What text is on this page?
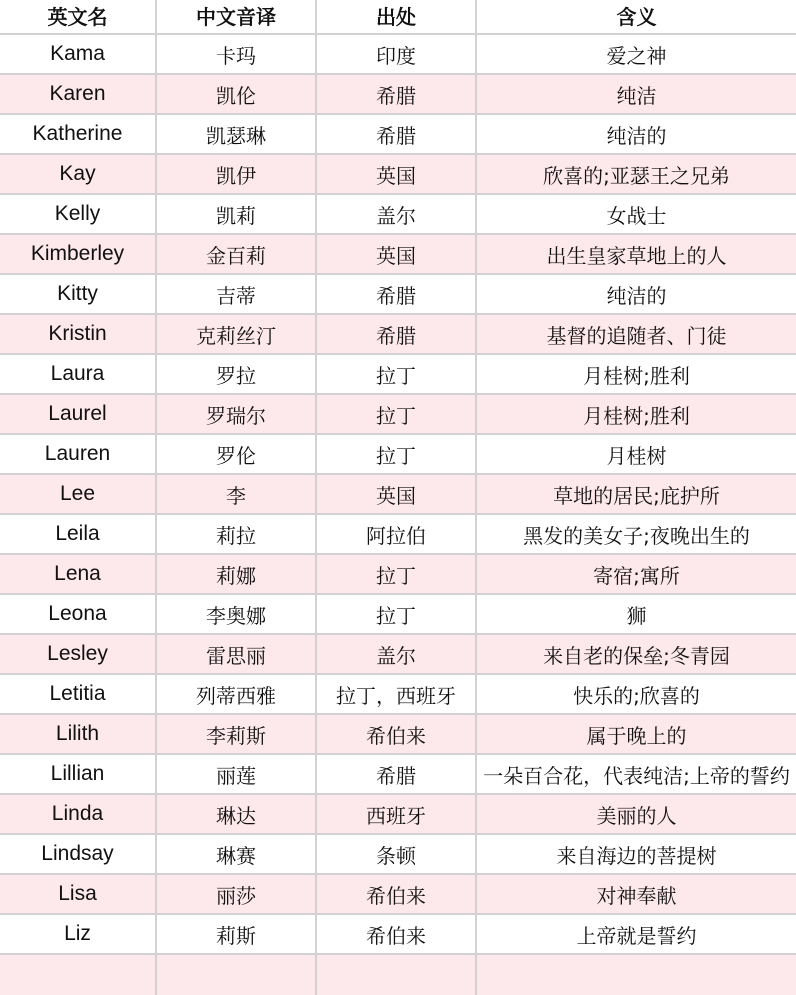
英文名	中文音译	出处	含义
Kama	卡玛	印度	爱之神
Karen	凯伦	希腊	纯洁
Katherine	凯瑟琳	希腊	纯洁的
Kay	凯伊	英国	欣喜的;亚瑟王之兄弟
Kelly	凯莉	盖尔	女战士
Kimberley	金百莉	英国	出生皇家草地上的人
Kitty	吉蒂	希腊	纯洁的
Kristin	克莉丝汀	希腊	基督的追随者、门徒
Laura	罗拉	拉丁	月桂树;胜利
Laurel	罗瑞尔	拉丁	月桂树;胜利
Lauren	罗伦	拉丁	月桂树
Lee	李	英国	草地的居民;庇护所
Leila	莉拉	阿拉伯	黑发的美女子;夜晚出生的
Lena	莉娜	拉丁	寄宿;寓所
Leona	李奥娜	拉丁	狮
Lesley	雷思丽	盖尔	来自老的保垒;冬青园
Letitia	列蒂西雅	拉丁，西班牙	快乐的;欣喜的
Lilith	李莉斯	希伯来	属于晚上的
Lillian	丽莲	希腊	一朵百合花，代表纯洁;上帝的誓约
Linda	琳达	西班牙	美丽的人
Lindsay	琳赛	条顿	来自海边的菩提树
Lisa	丽莎	希伯来	对神奉献
Liz	莉斯	希伯来	上帝就是誓约
